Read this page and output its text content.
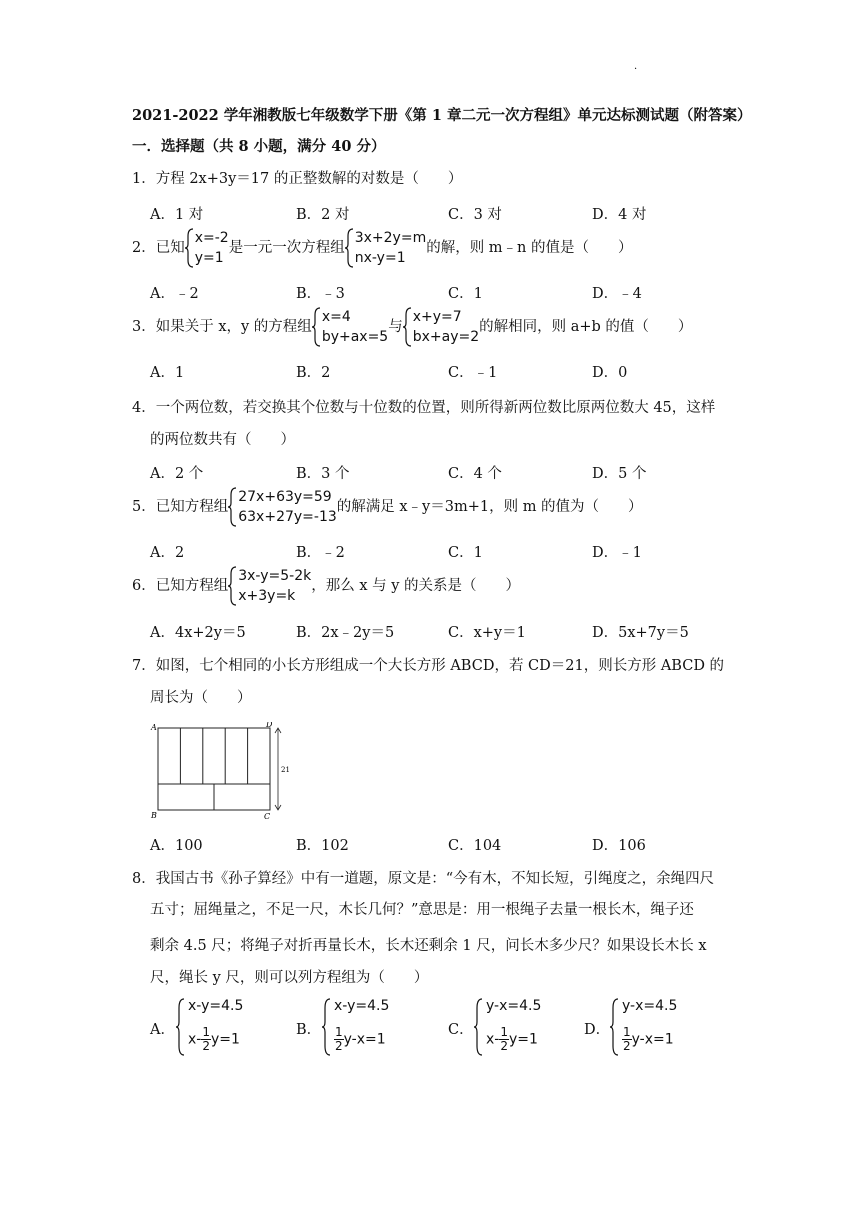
·
2021-2022 学年湘教版七年级数学下册《第 1 章二元一次方程组》单元达标测试题（附答案）
一．选择题（共 8 小题，满分 40 分）
1．方程 2x+3y＝17 的正整数解的对数是（　　）
A．1 对	B．2 对	C．3 对	D．4 对
2．已知
x=-2
y=1
是一元一次方程组
3x+2y=m
nx-y=1
的解，则 m﹣n 的值是（　　）
A．﹣2	B．﹣3	C．1	D．﹣4
3．如果关于 x，y 的方程组
x=4
by+ax=5
与
x+y=7
bx+ay=2
的解相同，则 a+b 的值（　　）
A．1	B．2	C．﹣1	D．0
4．一个两位数，若交换其个位数与十位数的位置，则所得新两位数比原两位数大 45，这样
的两位数共有（　　）
A．2 个	B．3 个	C．4 个	D．5 个
5．已知方程组
27x+63y=59
63x+27y=-13
的解满足 x﹣y＝3m+1，则 m 的值为（　　）
A．2	B．﹣2	C．1	D．﹣1
6．已知方程组
3x-y=5-2k
x+3y=k
，那么 x 与 y 的关系是（　　）
A．4x+2y＝5	B．2x﹣2y＝5	C．x+y＝1	D．5x+7y＝5
7．如图，七个相同的小长方形组成一个大长方形 ABCD，若 CD＝21，则长方形 ABCD 的
周长为（　　）
A	D
B	C
21
A．100	B．102	C．104	D．106
8．我国古书《孙子算经》中有一道题，原文是：“今有木，不知长短，引绳度之，余绳四尺
五寸；屈绳量之，不足一尺，木长几何？”意思是：用一根绳子去量一根长木，绳子还
剩余 4.5 尺；将绳子对折再量长木，长木还剩余 1 尺，问长木多少尺？如果设长木长 x
尺，绳长 y 尺，则可以列方程组为（　　）
A．
x-y=4.5
$x- \frac{1}{2} y=1$
B．
x-y=4.5
$\frac{1}{2} y-x=1$
C．
y-x=4.5
$x- \frac{1}{2} y=1$
D．
y-x=4.5
$\frac{1}{2} y-x=1$
